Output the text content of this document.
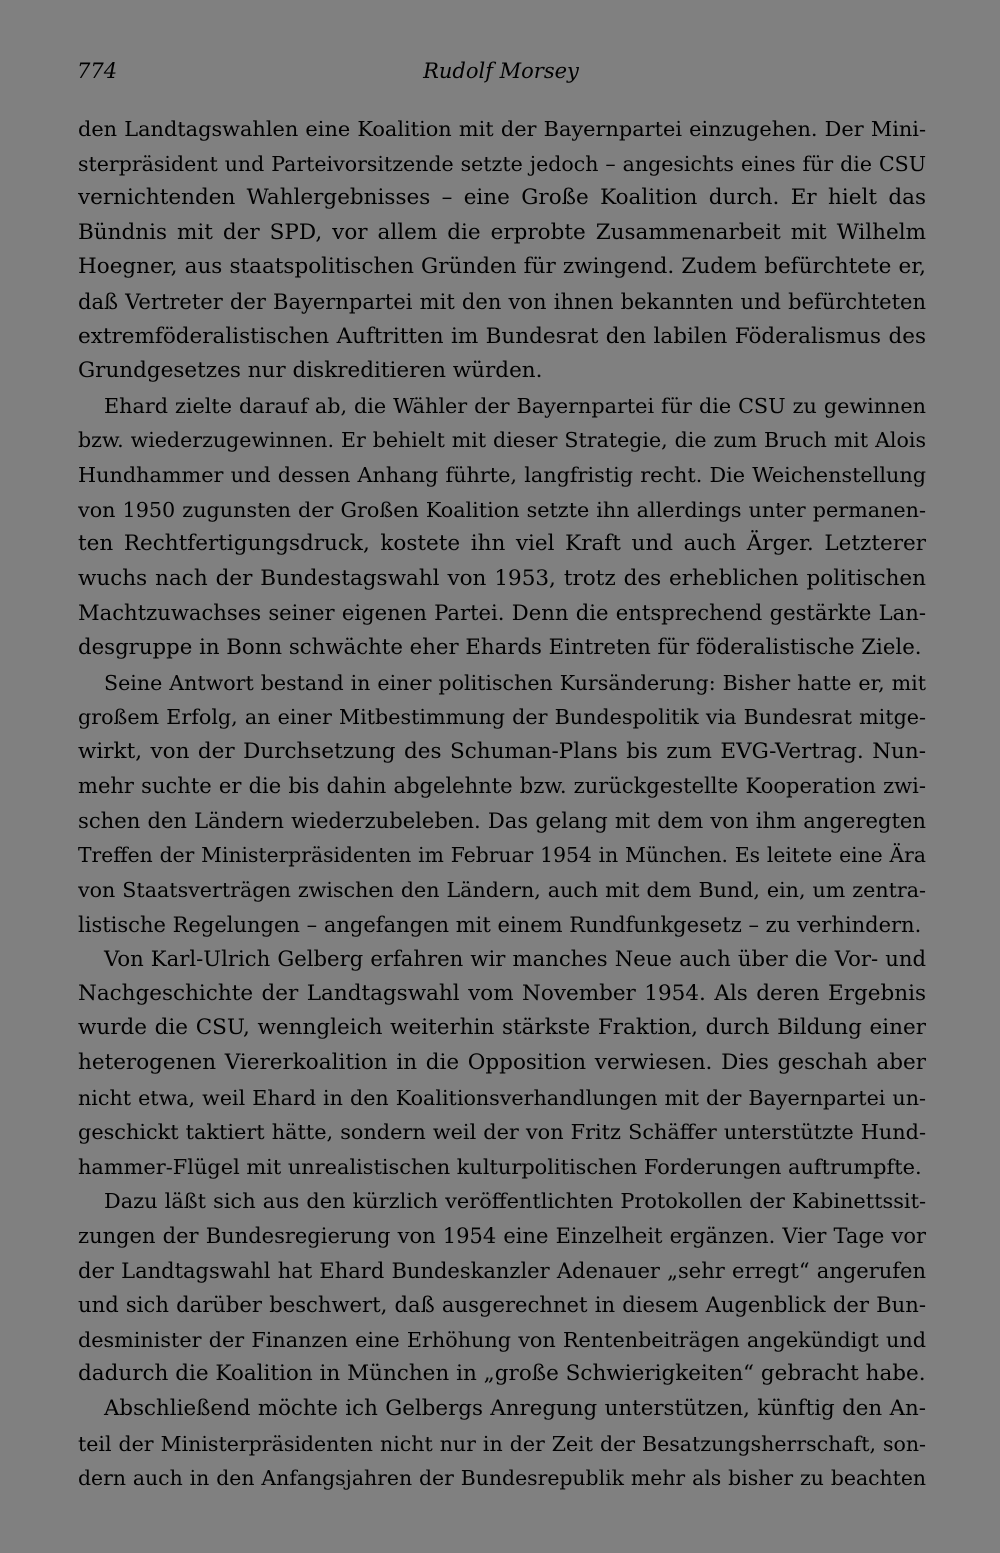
774	Rudolf Morsey
den Landtagswahlen eine Koalition mit der Bayernpartei einzugehen. Der Mini-
sterpräsident und Parteivorsitzende setzte jedoch – angesichts eines für die CSU
vernichtenden Wahlergebnisses – eine Große Koalition durch. Er hielt das
Bündnis mit der SPD, vor allem die erprobte Zusammenarbeit mit Wilhelm
Hoegner, aus staatspolitischen Gründen für zwingend. Zudem befürchtete er,
daß Vertreter der Bayernpartei mit den von ihnen bekannten und befürchteten
extremföderalistischen Auftritten im Bundesrat den labilen Föderalismus des
Grundgesetzes nur diskreditieren würden.
Ehard zielte darauf ab, die Wähler der Bayernpartei für die CSU zu gewinnen
bzw. wiederzugewinnen. Er behielt mit dieser Strategie, die zum Bruch mit Alois
Hundhammer und dessen Anhang führte, langfristig recht. Die Weichenstellung
von 1950 zugunsten der Großen Koalition setzte ihn allerdings unter permanen-
ten Rechtfertigungsdruck, kostete ihn viel Kraft und auch Ärger. Letzterer
wuchs nach der Bundestagswahl von 1953, trotz des erheblichen politischen
Machtzuwachses seiner eigenen Partei. Denn die entsprechend gestärkte Lan-
desgruppe in Bonn schwächte eher Ehards Eintreten für föderalistische Ziele.
Seine Antwort bestand in einer politischen Kursänderung: Bisher hatte er, mit
großem Erfolg, an einer Mitbestimmung der Bundespolitik via Bundesrat mitge-
wirkt, von der Durchsetzung des Schuman-Plans bis zum EVG-Vertrag. Nun-
mehr suchte er die bis dahin abgelehnte bzw. zurückgestellte Kooperation zwi-
schen den Ländern wiederzubeleben. Das gelang mit dem von ihm angeregten
Treffen der Ministerpräsidenten im Februar 1954 in München. Es leitete eine Ära
von Staatsverträgen zwischen den Ländern, auch mit dem Bund, ein, um zentra-
listische Regelungen – angefangen mit einem Rundfunkgesetz – zu verhindern.
Von Karl-Ulrich Gelberg erfahren wir manches Neue auch über die Vor- und
Nachgeschichte der Landtagswahl vom November 1954. Als deren Ergebnis
wurde die CSU, wenngleich weiterhin stärkste Fraktion, durch Bildung einer
heterogenen Viererkoalition in die Opposition verwiesen. Dies geschah aber
nicht etwa, weil Ehard in den Koalitionsverhandlungen mit der Bayernpartei un-
geschickt taktiert hätte, sondern weil der von Fritz Schäffer unterstützte Hund-
hammer-Flügel mit unrealistischen kulturpolitischen Forderungen auftrumpfte.
Dazu läßt sich aus den kürzlich veröffentlichten Protokollen der Kabinettssit-
zungen der Bundesregierung von 1954 eine Einzelheit ergänzen. Vier Tage vor
der Landtagswahl hat Ehard Bundeskanzler Adenauer „sehr erregt“ angerufen
und sich darüber beschwert, daß ausgerechnet in diesem Augenblick der Bun-
desminister der Finanzen eine Erhöhung von Rentenbeiträgen angekündigt und
dadurch die Koalition in München in „große Schwierigkeiten“ gebracht habe.
Abschließend möchte ich Gelbergs Anregung unterstützen, künftig den An-
teil der Ministerpräsidenten nicht nur in der Zeit der Besatzungsherrschaft, son-
dern auch in den Anfangsjahren der Bundesrepublik mehr als bisher zu beachten
